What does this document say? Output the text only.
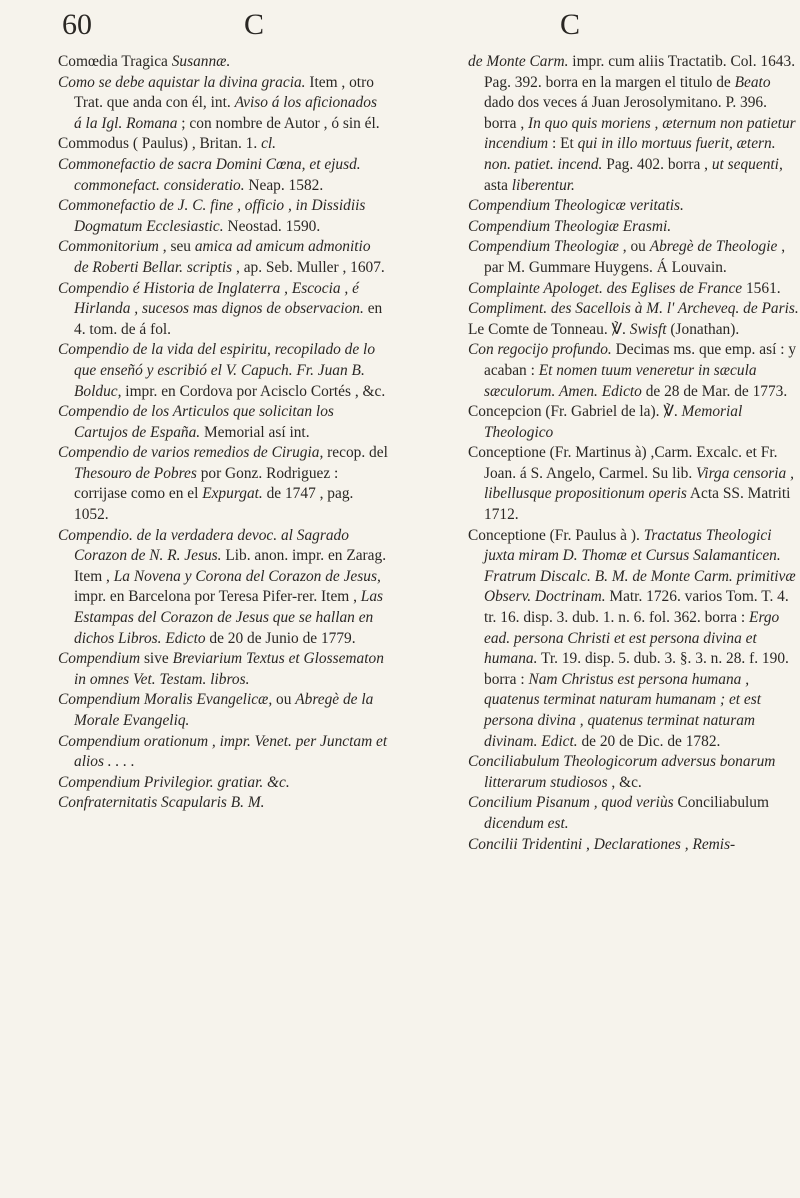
60	C	C

Comœdia Tragica Susannæ.

Como se debe aquistar la divina gracia. Item , otro Trat. que anda con él, int. Aviso á los aficionados á la Igl. Romana ; con nombre de Autor , ó sin él.

Commodus ( Paulus) , Britan. 1. cl.

Commonefactio de sacra Domini Cœna, et ejusd. commonefact. consideratio. Neap. 1582.

Commonefactio de J. C. fine , officio , in Dissidiis Dogmatum Ecclesiastic. Neostad. 1590.

Commonitorium , seu amica ad amicum admonitio de Roberti Bellar. scriptis , ap. Seb. Muller , 1607.

Compendio é Historia de Inglaterra , Escocia , é Hirlanda , sucesos mas dignos de observacion. en 4. tom. de á fol.

Compendio de la vida del espiritu, recopilado de lo que enseñó y escribió el V. Capuch. Fr. Juan B. Bolduc, impr. en Cordova por Acisclo Cortés , &c.

Compendio de los Articulos que solicitan los Cartujos de España. Memorial así int.

Compendio de varios remedios de Cirugia, recop. del Thesouro de Pobres por Gonz. Rodriguez : corrijase como en el Expurgat. de 1747 , pag. 1052.

Compendio. de la verdadera devoc. al Sagrado Corazon de N. R. Jesus. Lib. anon. impr. en Zarag. Item , La Novena y Corona del Corazon de Jesus, impr. en Barcelona por Teresa Pifer-rer. Item , Las Estampas del Corazon de Jesus que se hallan en dichos Libros. Edicto de 20 de Junio de 1779.

Compendium sive Breviarium Textus et Glossematon in omnes Vet. Testam. libros.

Compendium Moralis Evangelicæ, ou Abregè de la Morale Evangeliq.

Compendium orationum , impr. Venet. per Junctam et alios . . . .

Compendium Privilegior. gratiar. &c.

Confraternitatis Scapularis B. M.

de Monte Carm. impr. cum aliis Tractatib. Col. 1643. Pag. 392. borra en la margen el titulo de Beato dado dos veces á Juan Jerosolymitano. P. 396. borra , In quo quis moriens , æternum non patietur incendium : Et qui in illo mortuus fuerit, ætern. non. patiet. incend. Pag. 402. borra , ut sequenti, asta liberentur.

Compendium Theologicæ veritatis.

Compendium Theologiæ Erasmi.

Compendium Theologiæ , ou Abregè de Theologie , par M. Gummare Huygens. Á Louvain.

Complainte Apologet. des Eglises de France 1561.

Compliment. des Sacellois à M. l' Archeveq. de Paris.

Le Comte de Tonneau. ℣. Swisft (Jonathan).

Con regocijo profundo. Decimas ms. que emp. así : y acaban : Et nomen tuum veneretur in sæcula sæculorum. Amen. Edicto de 28 de Mar. de 1773.

Concepcion (Fr. Gabriel de la). ℣. Memorial Theologico

Conceptione (Fr. Martinus à) ,Carm. Excalc. et Fr. Joan. á S. Angelo, Carmel. Su lib. Virga censoria , libellusque propositionum operis Acta SS. Matriti 1712.

Conceptione (Fr. Paulus à ). Tractatus Theologici juxta miram D. Thomæ et Cursus Salamanticen. Fratrum Discalc. B. M. de Monte Carm. primitivæ Observ. Doctrinam. Matr. 1726. varios Tom. T. 4. tr. 16. disp. 3. dub. 1. n. 6. fol. 362. borra : Ergo ead. persona Christi et est persona divina et humana. Tr. 19. disp. 5. dub. 3. §. 3. n. 28. f. 190. borra : Nam Christus est persona humana , quatenus terminat naturam humanam ; et est persona divina , quatenus terminat naturam divinam. Edict. de 20 de Dic. de 1782.

Conciliabulum Theologicorum adversus bonarum litterarum studiosos , &c.

Concilium Pisanum , quod veriùs Conciliabulum dicendum est.

Concilii Tridentini , Declarationes , Remis-
